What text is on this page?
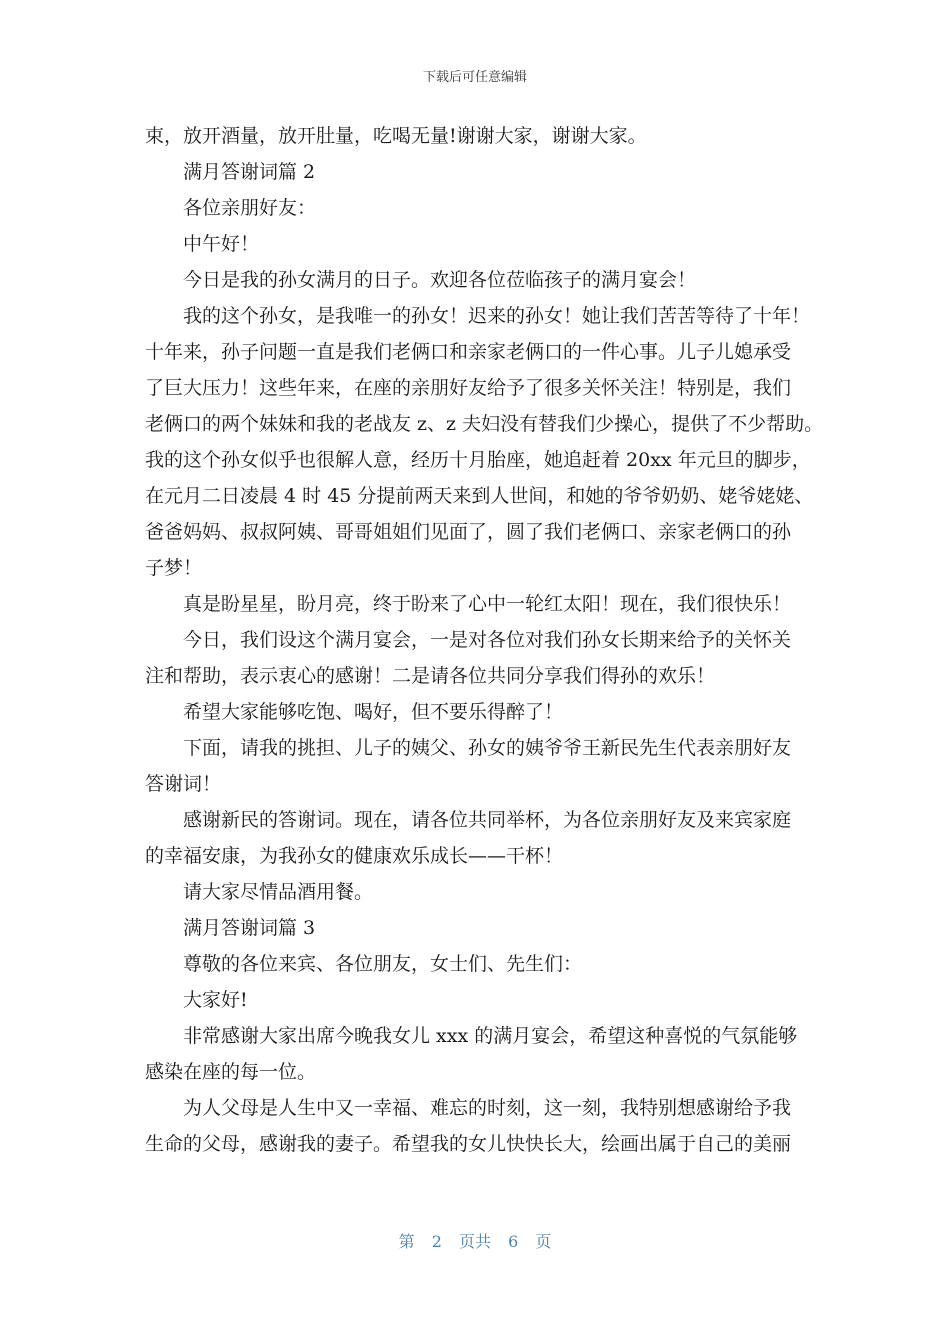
下载后可任意编辑
束，放开酒量，放开肚量，吃喝无量!谢谢大家，谢谢大家。
满月答谢词篇 2
各位亲朋好友：
中午好！
今日是我的孙女满月的日子。欢迎各位莅临孩子的满月宴会！
我的这个孙女，是我唯一的孙女！迟来的孙女！她让我们苦苦等待了十年！
十年来，孙子问题一直是我们老俩口和亲家老俩口的一件心事。儿子儿媳承受
了巨大压力！这些年来，在座的亲朋好友给予了很多关怀关注！特别是，我们
老俩口的两个妹妹和我的老战友 z、z 夫妇没有替我们少操心，提供了不少帮助。
我的这个孙女似乎也很解人意，经历十月胎座，她追赶着 20xx 年元旦的脚步，
在元月二日凌晨 4 时 45 分提前两天来到人世间，和她的爷爷奶奶、姥爷姥姥、
爸爸妈妈、叔叔阿姨、哥哥姐姐们见面了，圆了我们老俩口、亲家老俩口的孙
子梦！
真是盼星星，盼月亮，终于盼来了心中一轮红太阳！现在，我们很快乐！
今日，我们设这个满月宴会，一是对各位对我们孙女长期来给予的关怀关
注和帮助，表示衷心的感谢！二是请各位共同分享我们得孙的欢乐！
希望大家能够吃饱、喝好，但不要乐得醉了！
下面，请我的挑担、儿子的姨父、孙女的姨爷爷王新民先生代表亲朋好友
答谢词！
感谢新民的答谢词。现在，请各位共同举杯，为各位亲朋好友及来宾家庭
的幸福安康，为我孙女的健康欢乐成长——干杯！
请大家尽情品酒用餐。
满月答谢词篇 3
尊敬的各位来宾、各位朋友，女士们、先生们：
大家好!
非常感谢大家出席今晚我女儿 xxx 的满月宴会，希望这种喜悦的气氛能够
感染在座的每一位。
为人父母是人生中又一幸福、难忘的时刻，这一刻，我特别想感谢给予我
生命的父母，感谢我的妻子。希望我的女儿快快长大，绘画出属于自己的美丽
第 2 页共 6 页
